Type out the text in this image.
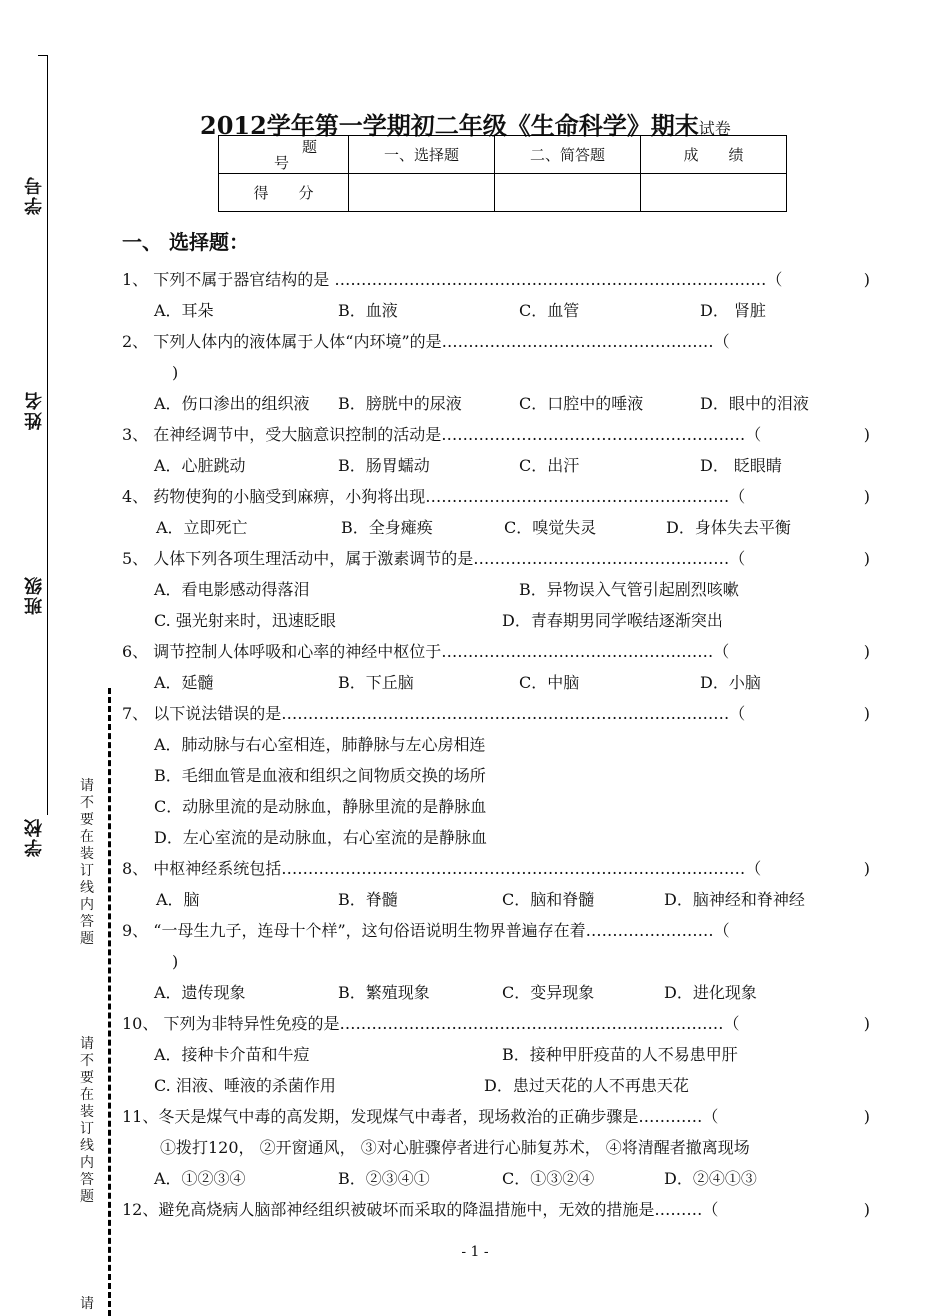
学号
姓名
班级
学校
请不要在装订线内答题
请不要在装订线内答题
请
2012学年第一学期初二年级《生命科学》期末试卷
题
号	一、选择题	二、简答题	成　　绩
得　　分			
一、 选择题：
1、 下列不属于器官结构的是 ………………………………………………………………………（	)
A．耳朵	B．血液	C．血管	D． 肾脏
2、 下列人体内的液体属于人体“内环境”的是……………………………………………（
)
A．伤口渗出的组织液 B．膀胱中的尿液	C．口腔中的唾液	D．眼中的泪液
3、 在神经调节中，受大脑意识控制的活动是…………………………………………………（	)
A．心脏跳动	B．肠胃蠕动	C．出汗	D． 眨眼睛
4、 药物使狗的小脑受到麻痹，小狗将出现…………………………………………………（	)
A．立即死亡	B．全身瘫痪	C．嗅觉失灵	D．身体失去平衡
5、 人体下列各项生理活动中，属于激素调节的是…………………………………………（	)
A．看电影感动得落泪	B．异物误入气管引起剧烈咳嗽
C. 强光射来时，迅速眨眼	D．青春期男同学喉结逐渐突出
6、 调节控制人体呼吸和心率的神经中枢位于……………………………………………（	)
A．延髓	B．下丘脑	C．中脑	D．小脑
7、 以下说法错误的是…………………………………………………………………………（	)
A．肺动脉与右心室相连，肺静脉与左心房相连
B．毛细血管是血液和组织之间物质交换的场所
C．动脉里流的是动脉血，静脉里流的是静脉血
D．左心室流的是动脉血，右心室流的是静脉血
8、 中枢神经系统包括……………………………………………………………………………（	)
A．脑	B．脊髓	C．脑和脊髓	D．脑神经和脊神经
9、 “一母生九子，连母十个样”，这句俗语说明生物界普遍存在着……………………（
)
A．遗传现象	B．繁殖现象	C．变异现象	D．进化现象
10、 下列为非特异性免疫的是………………………………………………………………（	)
A．接种卡介苗和牛痘	B．接种甲肝疫苗的人不易患甲肝
C. 泪液、唾液的杀菌作用	D．患过天花的人不再患天花
11、冬天是煤气中毒的高发期，发现煤气中毒者，现场救治的正确步骤是…………（	)
①拨打120， ②开窗通风， ③对心脏骤停者进行心肺复苏术， ④将清醒者撤离现场
A．①②③④	B．②③④①	C．①③②④	D．②④①③
12、避免高烧病人脑部神经组织被破坏而采取的降温措施中，无效的措施是………（	)
- 1 -
